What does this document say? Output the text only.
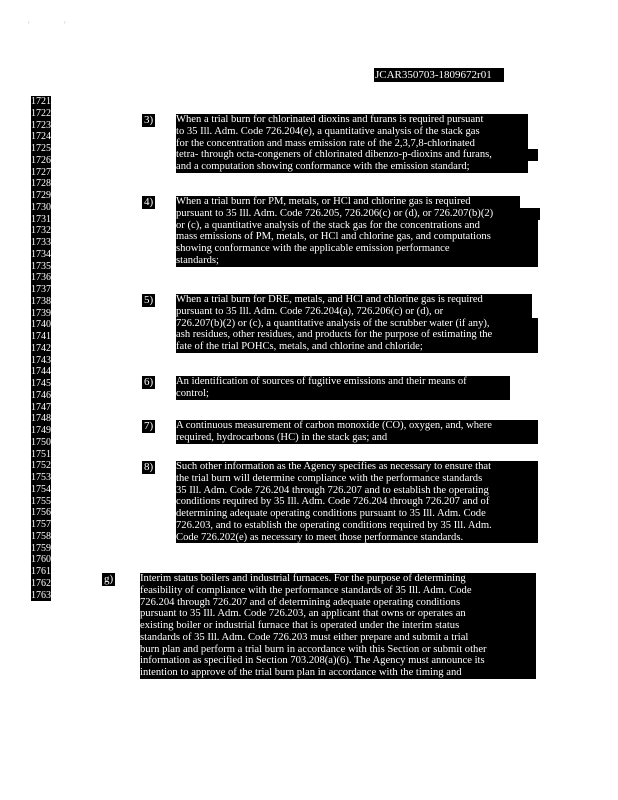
'	'
JCAR350703-1809672r01
1721
1722
1723
1724
1725
1726
1727
1728
1729
1730
1731
1732
1733
1734
1735
1736
1737
1738
1739
1740
1741
1742
1743
1744
1745
1746
1747
1748
1749
1750
1751
1752
1753
1754
1755
1756
1757
1758
1759
1760
1761
1762
1763
3) When a trial burn for chlorinated dioxins and furans is required pursuant
to 35 Ill. Adm. Code 726.204(e), a quantitative analysis of the stack gas
for the concentration and mass emission rate of the 2,3,7,8-chlorinated
tetra- through octa-congeners of chlorinated dibenzo-p-dioxins and furans,
and a computation showing conformance with the emission standard;
4) When a trial burn for PM, metals, or HCl and chlorine gas is required
pursuant to 35 Ill. Adm. Code 726.205, 726.206(c) or (d), or 726.207(b)(2)
or (c), a quantitative analysis of the stack gas for the concentrations and
mass emissions of PM, metals, or HCl and chlorine gas, and computations
showing conformance with the applicable emission performance
standards;
5) When a trial burn for DRE, metals, and HCl and chlorine gas is required
pursuant to 35 Ill. Adm. Code 726.204(a), 726.206(c) or (d), or
726.207(b)(2) or (c), a quantitative analysis of the scrubber water (if any),
ash residues, other residues, and products for the purpose of estimating the
fate of the trial POHCs, metals, and chlorine and chloride;
6) An identification of sources of fugitive emissions and their means of
control;
7) A continuous measurement of carbon monoxide (CO), oxygen, and, where
required, hydrocarbons (HC) in the stack gas; and
8) Such other information as the Agency specifies as necessary to ensure that
the trial burn will determine compliance with the performance standards
35 Ill. Adm. Code 726.204 through 726.207 and to establish the operating
conditions required by 35 Ill. Adm. Code 726.204 through 726.207 and of
determining adequate operating conditions pursuant to 35 Ill. Adm. Code
726.203, and to establish the operating conditions required by 35 Ill. Adm.
Code 726.202(e) as necessary to meet those performance standards.
g)	Interim status boilers and industrial furnaces. For the purpose of determining
feasibility of compliance with the performance standards of 35 Ill. Adm. Code
726.204 through 726.207 and of determining adequate operating conditions
pursuant to 35 Ill. Adm. Code 726.203, an applicant that owns or operates an
existing boiler or industrial furnace that is operated under the interim status
standards of 35 Ill. Adm. Code 726.203 must either prepare and submit a trial
burn plan and perform a trial burn in accordance with this Section or submit other
information as specified in Section 703.208(a)(6). The Agency must announce its
intention to approve of the trial burn plan in accordance with the timing and
